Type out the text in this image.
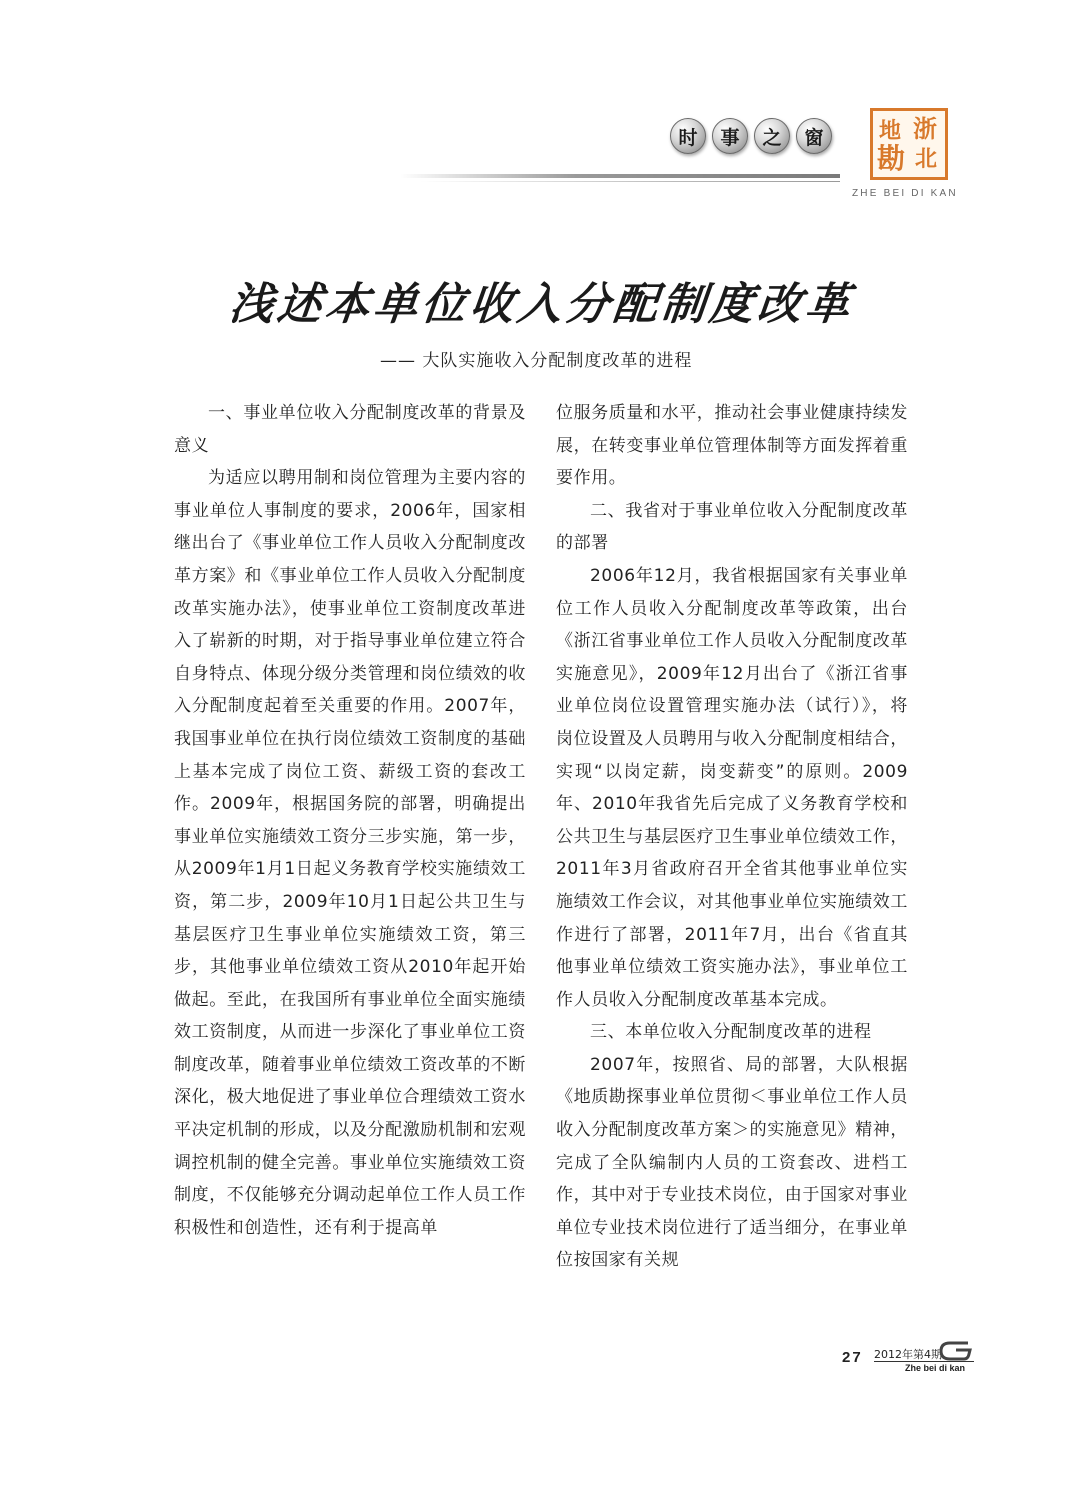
时	事	之	窗	地 浙
勘 北
ZHE BEI DI KAN
浅述本单位收入分配制度改革
—— 大队实施收入分配制度改革的进程

一、事业单位收入分配制度改革的背景及意义

为适应以聘用制和岗位管理为主要内容的事业单位人事制度的要求，2006年，国家相继出台了《事业单位工作人员收入分配制度改革方案》和《事业单位工作人员收入分配制度改革实施办法》，使事业单位工资制度改革进入了崭新的时期，对于指导事业单位建立符合自身特点、体现分级分类管理和岗位绩效的收入分配制度起着至关重要的作用。2007年，我国事业单位在执行岗位绩效工资制度的基础上基本完成了岗位工资、薪级工资的套改工作。2009年，根据国务院的部署，明确提出事业单位实施绩效工资分三步实施，第一步，从2009年1月1日起义务教育学校实施绩效工资，第二步，2009年10月1日起公共卫生与基层医疗卫生事业单位实施绩效工资，第三步，其他事业单位绩效工资从2010年起开始做起。至此，在我国所有事业单位全面实施绩效工资制度，从而进一步深化了事业单位工资制度改革，随着事业单位绩效工资改革的不断深化，极大地促进了事业单位合理绩效工资水平决定机制的形成，以及分配激励机制和宏观调控机制的健全完善。事业单位实施绩效工资制度，不仅能够充分调动起单位工作人员工作积极性和创造性，还有利于提高单

位服务质量和水平，推动社会事业健康持续发展，在转变事业单位管理体制等方面发挥着重要作用。

二、我省对于事业单位收入分配制度改革的部署

2006年12月，我省根据国家有关事业单位工作人员收入分配制度改革等政策，出台《浙江省事业单位工作人员收入分配制度改革实施意见》，2009年12月出台了《浙江省事业单位岗位设置管理实施办法（试行）》，将岗位设置及人员聘用与收入分配制度相结合，实现“以岗定薪，岗变薪变”的原则。2009年、2010年我省先后完成了义务教育学校和公共卫生与基层医疗卫生事业单位绩效工作，2011年3月省政府召开全省其他事业单位实施绩效工作会议，对其他事业单位实施绩效工作进行了部署，2011年7月，出台《省直其他事业单位绩效工资实施办法》，事业单位工作人员收入分配制度改革基本完成。

三、本单位收入分配制度改革的进程

2007年，按照省、局的部署，大队根据《地质勘探事业单位贯彻＜事业单位工作人员收入分配制度改革方案＞的实施意见》精神，完成了全队编制内人员的工资套改、进档工作，其中对于专业技术岗位，由于国家对事业单位专业技术岗位进行了适当细分，在事业单位按国家有关规

27 2012年第4期
Zhe bei di kan
